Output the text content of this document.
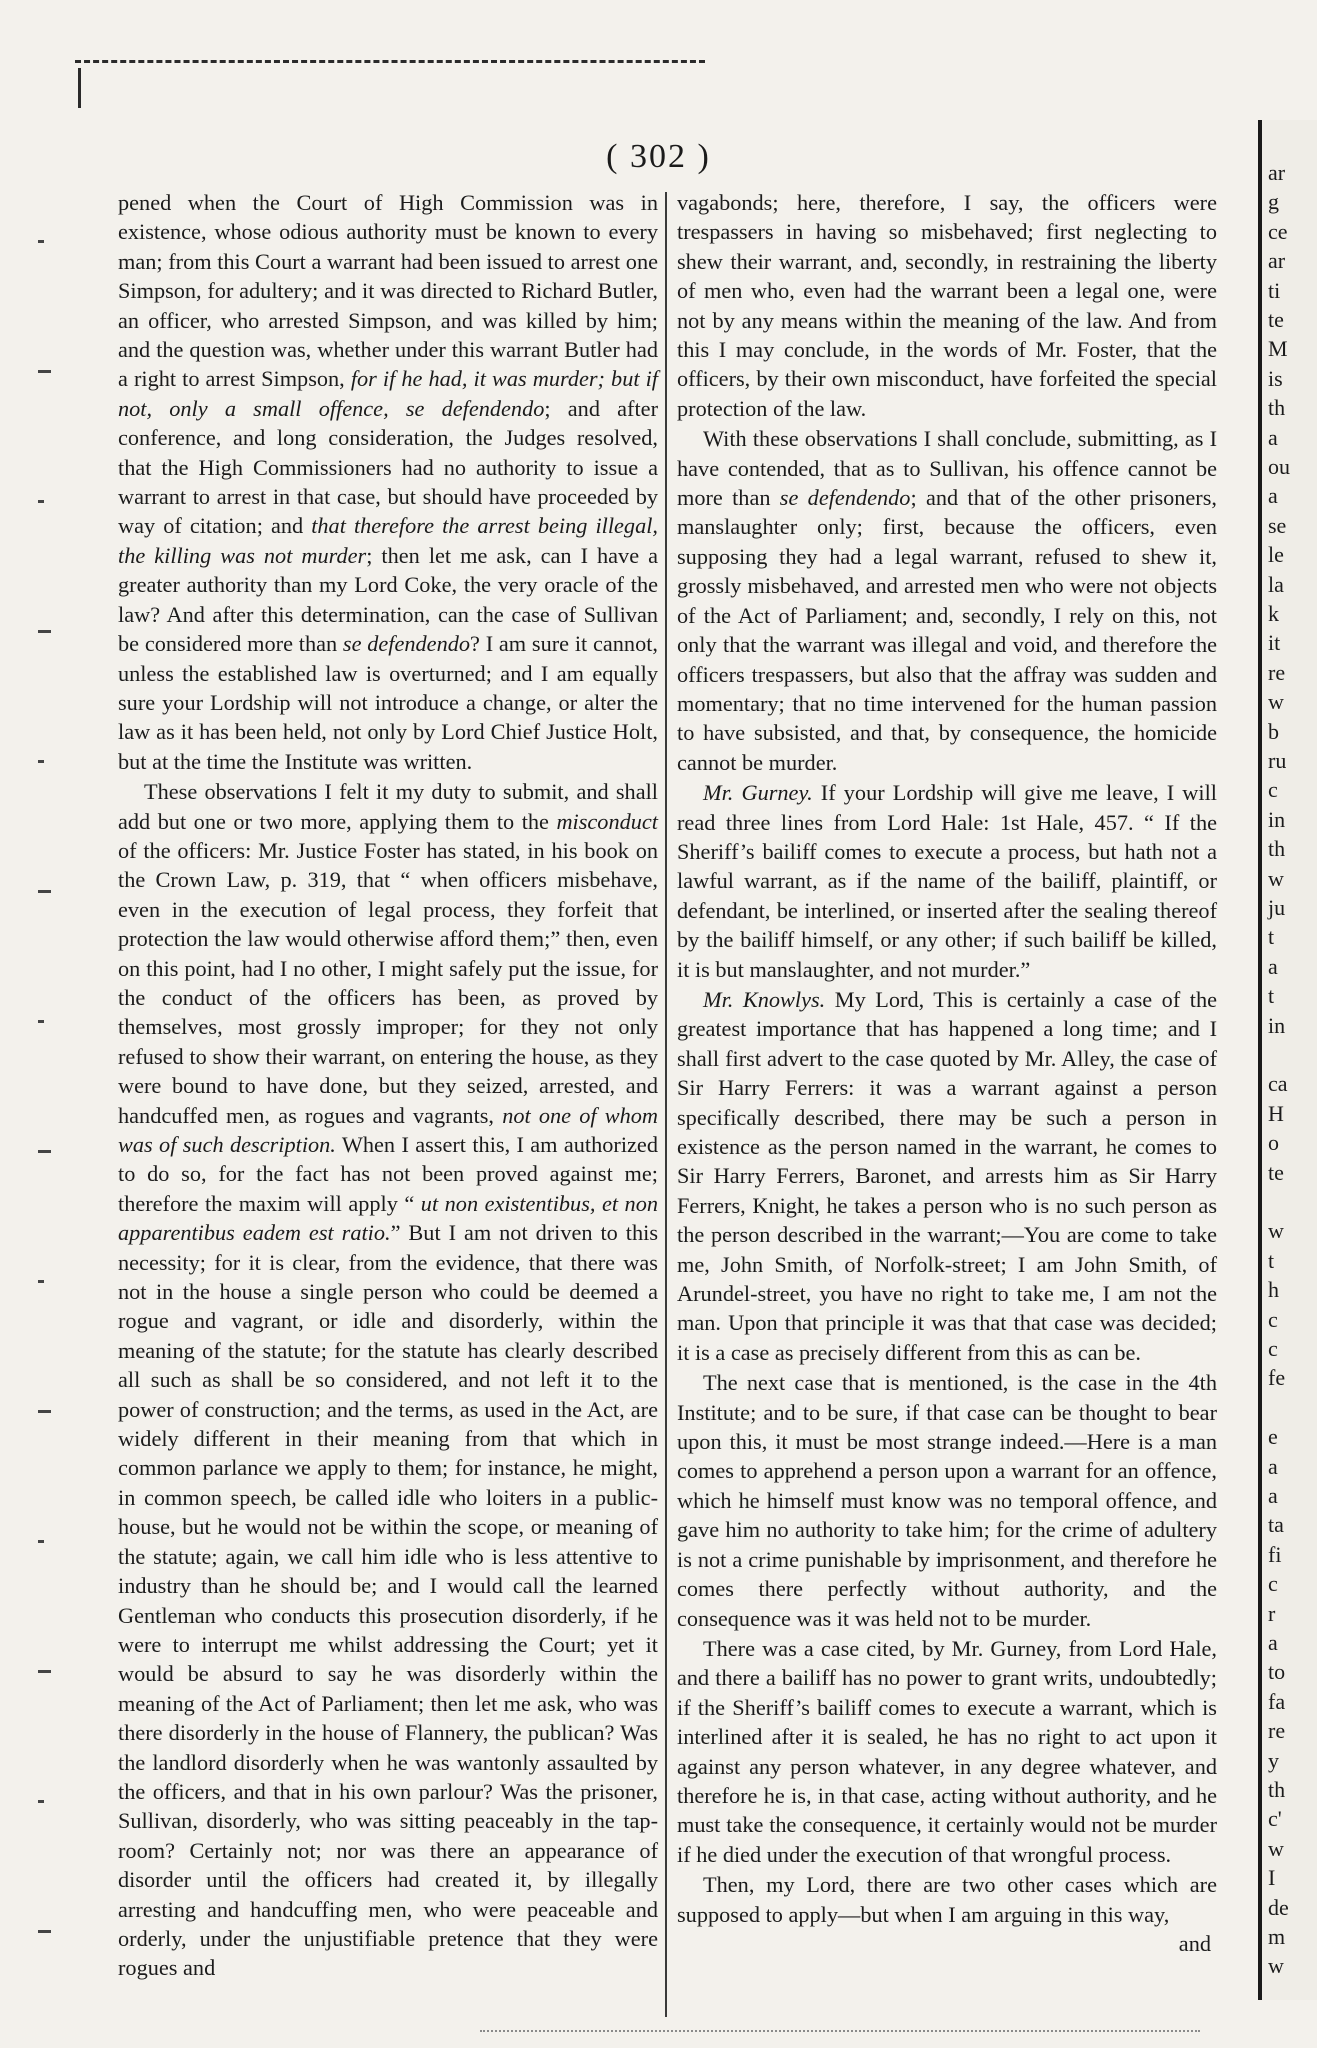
( 302 )

pened when the Court of High Commission was in existence, whose odious authority must be known to every man; from this Court a warrant had been issued to arrest one Simpson, for adultery; and it was directed to Richard Butler, an officer, who arrested Simpson, and was killed by him; and the question was, whether under this warrant Butler had a right to arrest Simpson, for if he had, it was murder; but if not, only a small offence, se defendendo; and after conference, and long consideration, the Judges resolved, that the High Commissioners had no authority to issue a warrant to arrest in that case, but should have proceeded by way of citation; and that therefore the arrest being illegal, the killing was not murder; then let me ask, can I have a greater authority than my Lord Coke, the very oracle of the law? And after this determination, can the case of Sullivan be considered more than se defendendo? I am sure it cannot, unless the established law is overturned; and I am equally sure your Lordship will not introduce a change, or alter the law as it has been held, not only by Lord Chief Justice Holt, but at the time the Institute was written.

These observations I felt it my duty to submit, and shall add but one or two more, applying them to the misconduct of the officers: Mr. Justice Foster has stated, in his book on the Crown Law, p. 319, that “ when officers misbehave, even in the execution of legal process, they forfeit that protection the law would otherwise afford them;” then, even on this point, had I no other, I might safely put the issue, for the conduct of the officers has been, as proved by themselves, most grossly improper; for they not only refused to show their warrant, on entering the house, as they were bound to have done, but they seized, arrested, and handcuffed men, as rogues and vagrants, not one of whom was of such description. When I assert this, I am authorized to do so, for the fact has not been proved against me; therefore the maxim will apply “ ut non existentibus, et non apparentibus eadem est ratio.” But I am not driven to this necessity; for it is clear, from the evidence, that there was not in the house a single person who could be deemed a rogue and vagrant, or idle and disorderly, within the meaning of the statute; for the statute has clearly described all such as shall be so considered, and not left it to the power of construction; and the terms, as used in the Act, are widely different in their meaning from that which in common parlance we apply to them; for instance, he might, in common speech, be called idle who loiters in a public-house, but he would not be within the scope, or meaning of the statute; again, we call him idle who is less attentive to industry than he should be; and I would call the learned Gentleman who conducts this prosecution disorderly, if he were to interrupt me whilst addressing the Court; yet it would be absurd to say he was disorderly within the meaning of the Act of Parliament; then let me ask, who was there disorderly in the house of Flannery, the publican? Was the landlord disorderly when he was wantonly assaulted by the officers, and that in his own parlour? Was the prisoner, Sullivan, disorderly, who was sitting peaceably in the tap-room? Certainly not; nor was there an appearance of disorder until the officers had created it, by illegally arresting and handcuffing men, who were peaceable and orderly, under the unjustifiable pretence that they were rogues and

vagabonds; here, therefore, I say, the officers were trespassers in having so misbehaved; first neglecting to shew their warrant, and, secondly, in restraining the liberty of men who, even had the warrant been a legal one, were not by any means within the meaning of the law. And from this I may conclude, in the words of Mr. Foster, that the officers, by their own misconduct, have forfeited the special protection of the law.

With these observations I shall conclude, submitting, as I have contended, that as to Sullivan, his offence cannot be more than se defendendo; and that of the other prisoners, manslaughter only; first, because the officers, even supposing they had a legal warrant, refused to shew it, grossly misbehaved, and arrested men who were not objects of the Act of Parliament; and, secondly, I rely on this, not only that the warrant was illegal and void, and therefore the officers trespassers, but also that the affray was sudden and momentary; that no time intervened for the human passion to have subsisted, and that, by consequence, the homicide cannot be murder.

Mr. Gurney. If your Lordship will give me leave, I will read three lines from Lord Hale: 1st Hale, 457. “ If the Sheriff’s bailiff comes to execute a process, but hath not a lawful warrant, as if the name of the bailiff, plaintiff, or defendant, be interlined, or inserted after the sealing thereof by the bailiff himself, or any other; if such bailiff be killed, it is but manslaughter, and not murder.”

Mr. Knowlys. My Lord, This is certainly a case of the greatest importance that has happened a long time; and I shall first advert to the case quoted by Mr. Alley, the case of Sir Harry Ferrers: it was a warrant against a person specifically described, there may be such a person in existence as the person named in the warrant, he comes to Sir Harry Ferrers, Baronet, and arrests him as Sir Harry Ferrers, Knight, he takes a person who is no such person as the person described in the warrant;—You are come to take me, John Smith, of Norfolk-street; I am John Smith, of Arundel-street, you have no right to take me, I am not the man. Upon that principle it was that that case was decided; it is a case as precisely different from this as can be.

The next case that is mentioned, is the case in the 4th Institute; and to be sure, if that case can be thought to bear upon this, it must be most strange indeed.—Here is a man comes to apprehend a person upon a warrant for an offence, which he himself must know was no temporal offence, and gave him no authority to take him; for the crime of adultery is not a crime punishable by imprisonment, and therefore he comes there perfectly without authority, and the consequence was it was held not to be murder.

There was a case cited, by Mr. Gurney, from Lord Hale, and there a bailiff has no power to grant writs, undoubtedly; if the Sheriff’s bailiff comes to execute a warrant, which is interlined after it is sealed, he has no right to act upon it against any person whatever, in any degree whatever, and therefore he is, in that case, acting without authority, and he must take the consequence, it certainly would not be murder if he died under the execution of that wrongful process.

Then, my Lord, there are two other cases which are supposed to apply—but when I am arguing in this way,

and

ar
g
ce
ar
ti
te
M
is
th
a
ou
a
se
le
la
k
it
re
w
b
ru
c
in
th
w
ju
t
a
t
in
ca
H
o
te
w
t
h
c
c
fe
e
a
a
ta
fi
c
r
a
to
fa
re
y
th
c'
w
I
de
m
w
